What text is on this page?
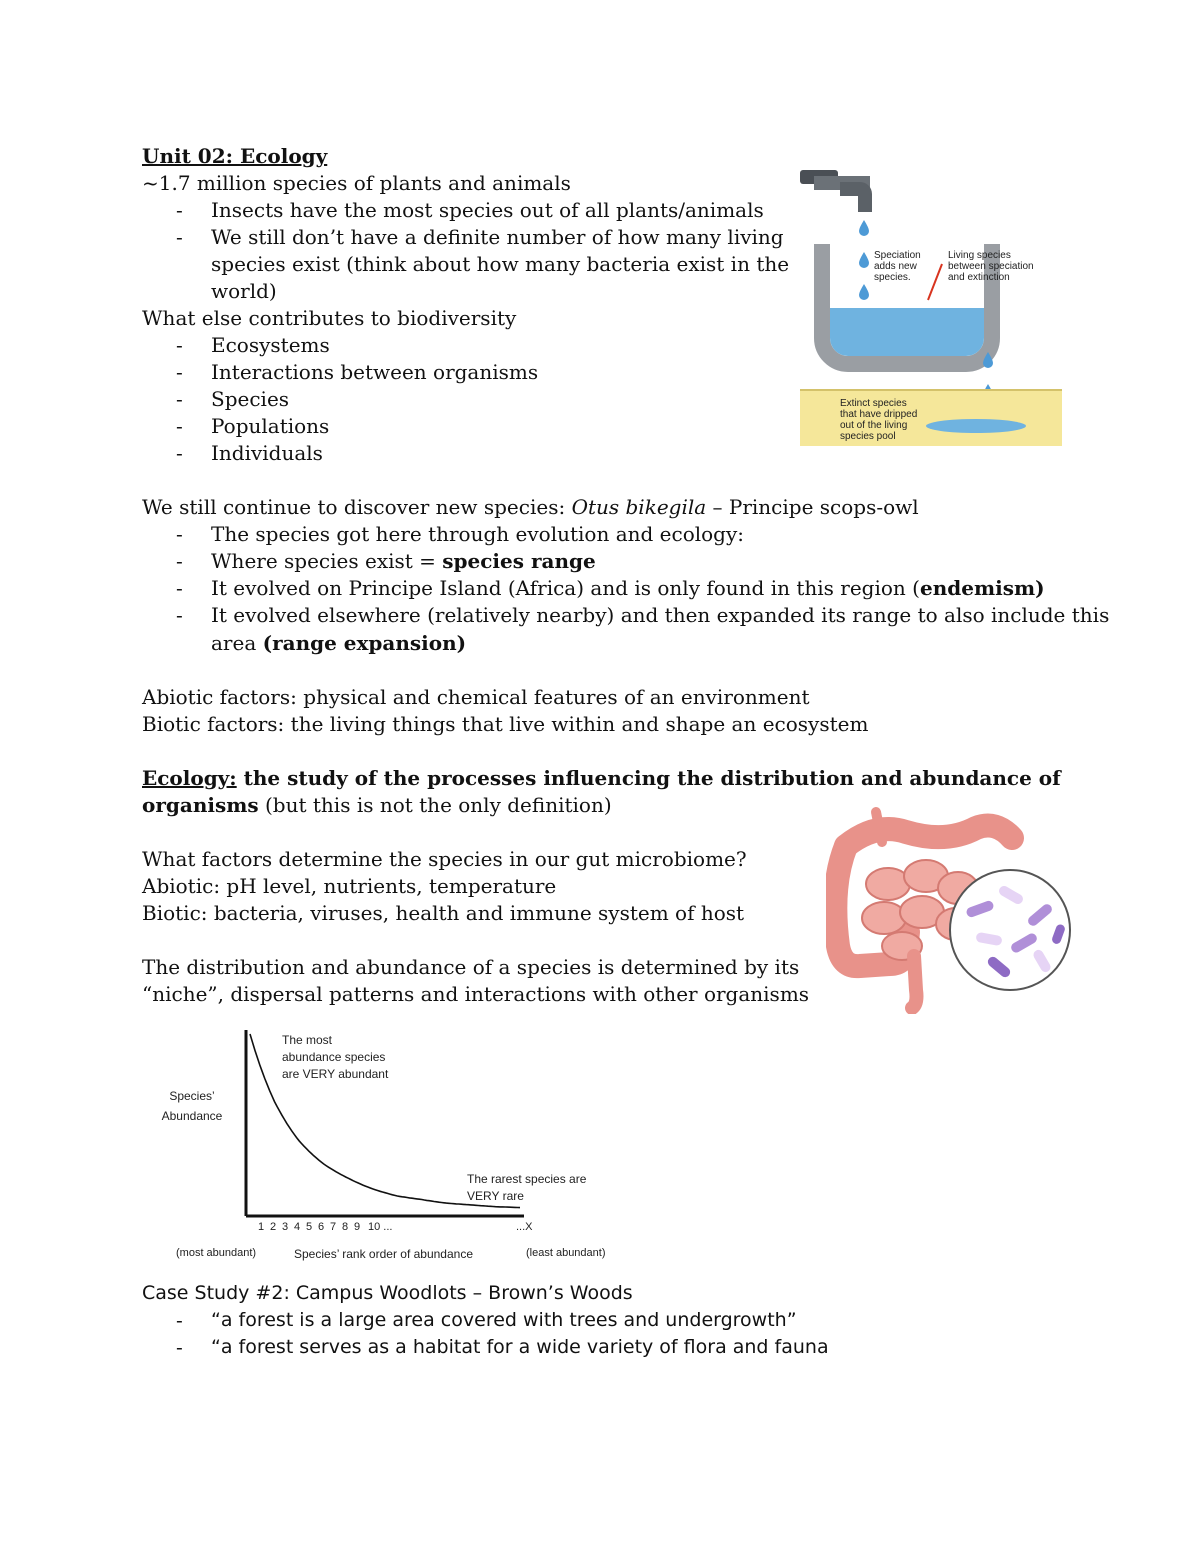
Unit 02: Ecology
~1.7 million species of plants and animals
- Insects have the most species out of all plants/animals
- We still don’t have a definite number of how many living
species exist (think about how many bacteria exist in the
world)
What else contributes to biodiversity
- Ecosystems
- Interactions between organisms
- Species
- Populations
- Individuals
Speciation
adds new
species.
Living species
between speciation
and extinction
Extinct species
that have dripped
out of the living
species pool
We still continue to discover new species: Otus bikegila – Principe scops-owl
- The species got here through evolution and ecology:
- Where species exist = species range
- It evolved on Principe Island (Africa) and is only found in this region (endemism)
- It evolved elsewhere (relatively nearby) and then expanded its range to also include this
area (range expansion)
Abiotic factors: physical and chemical features of an environment
Biotic factors: the living things that live within and shape an ecosystem
Ecology: the study of the processes influencing the distribution and abundance of
organisms (but this is not the only definition)
What factors determine the species in our gut microbiome?
Abiotic: pH level, nutrients, temperature
Biotic: bacteria, viruses, health and immune system of host
The distribution and abundance of a species is determined by its
“niche”, dispersal patterns and interactions with other organisms
Species’
Abundance
The most
abundance species
are VERY abundant
The rarest species are
VERY rare
1 2 3 4 5 6 7 8 9 10 ...	...X
(most abundant)	Species’ rank order of abundance	(least abundant)
Case Study #2: Campus Woodlots – Brown’s Woods
- “a forest is a large area covered with trees and undergrowth”
- “a forest serves as a habitat for a wide variety of flora and fauna
